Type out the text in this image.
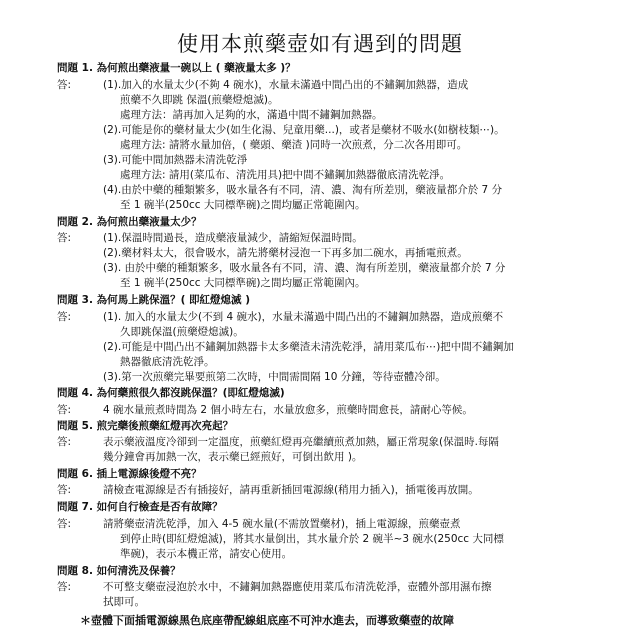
使用本煎藥壺如有遇到的問題
問題 1. 為何煎出藥液量一碗以上 ( 藥液量太多 )？
答:	(1).加入的水量太少(不夠 4 碗水)，水量未滿過中間凸出的不鏽鋼加熱器，造成
煎藥不久即跳 保溫(煎藥燈熄滅)。
處理方法：請再加入足夠的水，滿過中間不鏽鋼加熱器。
(2).可能是你的藥材量太少(如生化湯、兒童用藥...)，或者是藥材不吸水(如樹枝類⋯)。
處理方法: 請將水量加倍，( 藥頭、藥渣 )同時一次煎煮，分二次各用即可。
(3).可能中間加熱器未清洗乾淨
處理方法: 請用(菜瓜布、清洗用具)把中間不鏽鋼加熱器徹底清洗乾淨。
(4).由於中藥的種類繁多，吸水量各有不同，清、濃、淘有所差別，藥液量都介於 7 分
至 1 碗半(250cc 大同標準碗)之間均屬正常範圍內。
問題 2. 為何煎出藥液量太少？
答:	(1).保溫時間過長，造成藥液量減少，請縮短保溫時間。
(2).藥材料太大，很會吸水，請先將藥材浸泡一下再多加二碗水，再插電煎煮。
(3). 由於中藥的種類繁多，吸水量各有不同，清、濃、淘有所差別，藥液量都介於 7 分
至 1 碗半(250cc 大同標準碗)之間均屬正常範圍內。
問題 3. 為何馬上跳保溫？( 即紅燈熄滅 )
答:	(1). 加入的水量太少(不到 4 碗水)，水量未滿過中間凸出的不鏽鋼加熱器，造成煎藥不
久即跳保溫(煎藥燈熄滅)。
(2).可能是中間凸出不鏽鋼加熱器卡太多藥渣未清洗乾淨，請用菜瓜布⋯)把中間不鏽鋼加
熱器徹底清洗乾淨。
(3).第一次煎藥完畢要煎第二次時，中間需間隔 10 分鐘，等待壺體冷卻。
問題 4. 為何藥煎很久都沒跳保溫？(即紅燈熄滅)
答:	4 碗水量煎煮時間為 2 個小時左右，水量放愈多，煎藥時間愈長，請耐心等候。
問題 5. 煎完藥後煎藥紅燈再次亮起？
答:	表示藥液溫度冷卻到一定溫度，煎藥紅燈再亮繼續煎煮加熱，屬正常現象(保溫時.每隔
幾分鐘會再加熱一次，表示藥已經煎好，可倒出飲用 )。
問題 6. 插上電源線後燈不亮？
答:	請檢查電源線是否有插接好，請再重新插回電源線(稍用力插入)，插電後再放開。
問題 7. 如何自行檢查是否有故障？
答:	請將藥壺清洗乾淨，加入 4-5 碗水量(不需放置藥材)，插上電源線，煎藥壺煮
到停止時(即紅燈熄滅)，將其水量倒出，其水量介於 2 碗半~3 碗水(250cc 大同標
準碗)，表示本機正常，請安心使用。
問題 8. 如何清洗及保養？
答:	不可整支藥壺浸泡於水中，不鏽鋼加熱器應使用菜瓜布清洗乾淨，壺體外部用濕布擦
拭即可。
＊壺體下面插電源線黑色底座帶配線組底座不可沖水進去，而導致藥壺的故障
